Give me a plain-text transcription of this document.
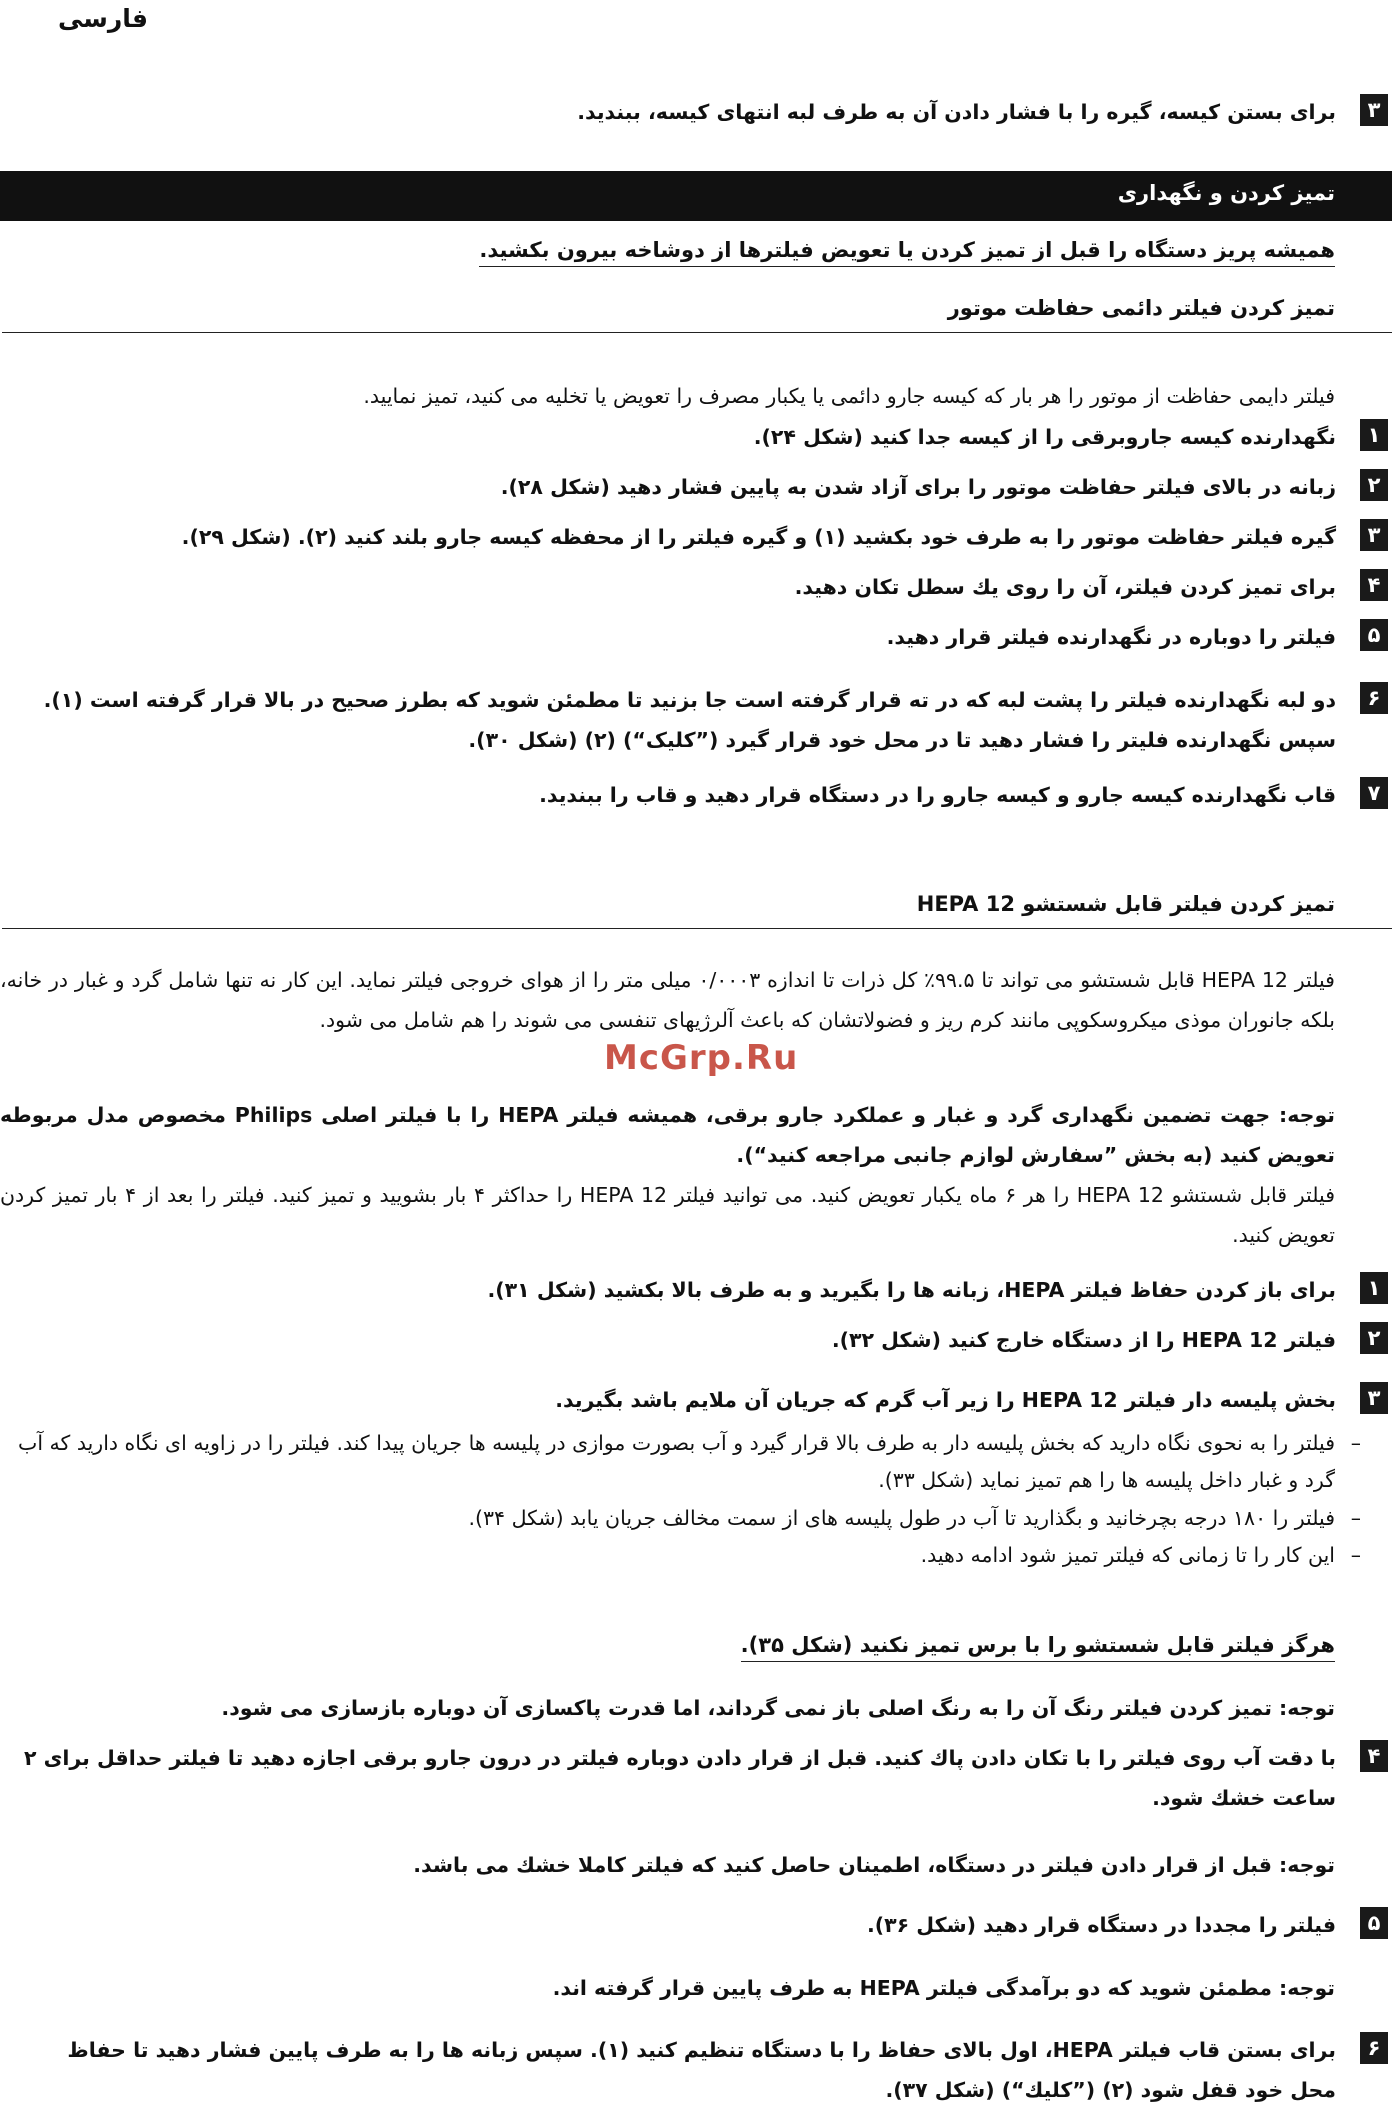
فارسی
۳
برای بستن کیسه، گیره را با فشار دادن آن به طرف لبه انتهای کیسه، ببندید.
تمیز کردن و نگهداری
همیشه پریز دستگاه را قبل از تمیز کردن یا تعویض فیلترها از دوشاخه بیرون بکشید.
تمیز کردن فیلتر دائمی حفاظت موتور
فیلتر دایمی حفاظت از موتور را هر بار که کیسه جارو دائمی یا یکبار مصرف را تعویض یا تخلیه می کنید، تمیز نمایید.
۱
نگهدارنده کیسه جاروبرقی را از کیسه جدا کنید (شکل ۲۴).
۲
زبانه در بالای فیلتر حفاظت موتور را برای آزاد شدن به پایین فشار دهید (شکل ۲۸).
۳
گیره فیلتر حفاظت موتور را به طرف خود بکشید (۱) و گیره فیلتر را از محفظه کیسه جارو بلند کنید (۲). (شکل ۲۹).
۴
برای تمیز کردن فیلتر، آن را روی یك سطل تکان دهید.
۵
فیلتر را دوباره در نگهدارنده فیلتر قرار دهید.
۶
دو لبه نگهدارنده فیلتر را پشت لبه که در ته قرار گرفته است جا بزنید تا مطمئن شوید که بطرز صحیح در بالا قرار گرفته است (۱).
سپس نگهدارنده فلیتر را فشار دهید تا در محل خود قرار گیرد (”کلیک“) (۲) (شکل ۳۰).
۷
قاب نگهدارنده کیسه جارو و کیسه جارو را در دستگاه قرار دهید و قاب را ببندید.
تمیز کردن فیلتر قابل شستشو HEPA 12
فیلتر HEPA 12 قابل شستشو می تواند تا ۹۹.۵٪ کل ذرات تا اندازه ۰/۰۰۰۳ میلی متر را از هوای خروجی فیلتر نماید. این کار نه تنها شامل گرد و غبار در خانه، بلکه جانوران موذی میکروسکوپی مانند کرم ریز و فضولاتشان که باعث آلرژیهای تنفسی می شوند را هم شامل می شود.
توجه: جهت تضمین نگهداری گرد و غبار و عملکرد جارو برقی، همیشه فیلتر HEPA را با فیلتر اصلی Philips مخصوص مدل مربوطه تعویض کنید (به بخش ”سفارش لوازم جانبی مراجعه کنید“).
فیلتر قابل شستشو HEPA 12 را هر ۶ ماه یکبار تعویض کنید. می توانید فیلتر HEPA 12 را حداکثر ۴ بار بشویید و تمیز کنید. فیلتر را بعد از ۴ بار تمیز کردن تعویض کنید.
۱
برای باز کردن حفاظ فیلتر HEPA، زبانه ها را بگیرید و به طرف بالا بکشید (شکل ۳۱).
۲
فیلتر HEPA 12 را از دستگاه خارج کنید (شکل ۳۲).
۳
بخش پلیسه دار فیلتر HEPA 12 را زیر آب گرم که جریان آن ملایم باشد بگیرید.
–
فیلتر را به نحوی نگاه دارید که بخش پلیسه دار به طرف بالا قرار گیرد و آب بصورت موازی در پلیسه ها جریان پیدا کند. فیلتر را در زاویه ای نگاه دارید که آب گرد و غبار داخل پلیسه ها را هم تمیز نماید (شکل ۳۳).
–
فیلتر را ۱۸۰ درجه بچرخانید و بگذارید تا آب در طول پلیسه های از سمت مخالف جریان یابد (شکل ۳۴).
–
این کار را تا زمانی که فیلتر تمیز شود ادامه دهید.
هرگز فیلتر قابل شستشو را با برس تمیز نکنید (شکل ۳۵).
توجه: تمیز کردن فیلتر رنگ آن را به رنگ اصلی باز نمی گرداند، اما قدرت پاکسازی آن دوباره بازسازی می شود.
۴
با دقت آب روی فیلتر را با تکان دادن پاك کنید. قبل از قرار دادن دوباره فیلتر در درون جارو برقی اجازه دهید تا فیلتر حداقل برای ۲ ساعت خشك شود.
توجه: قبل از قرار دادن فیلتر در دستگاه، اطمینان حاصل کنید که فیلتر کاملا خشك می باشد.
۵
فیلتر را مجددا در دستگاه قرار دهید (شکل ۳۶).
توجه: مطمئن شوید که دو برآمدگی فیلتر HEPA به طرف پایین قرار گرفته اند.
۶
برای بستن قاب فیلتر HEPA، اول بالای حفاظ را با دستگاه تنظیم کنید (۱). سپس زبانه ها را به طرف پایین فشار دهید تا حفاظ محل خود قفل شود (۲) (”کلیك“) (شکل ۳۷).
McGrp.Ru
